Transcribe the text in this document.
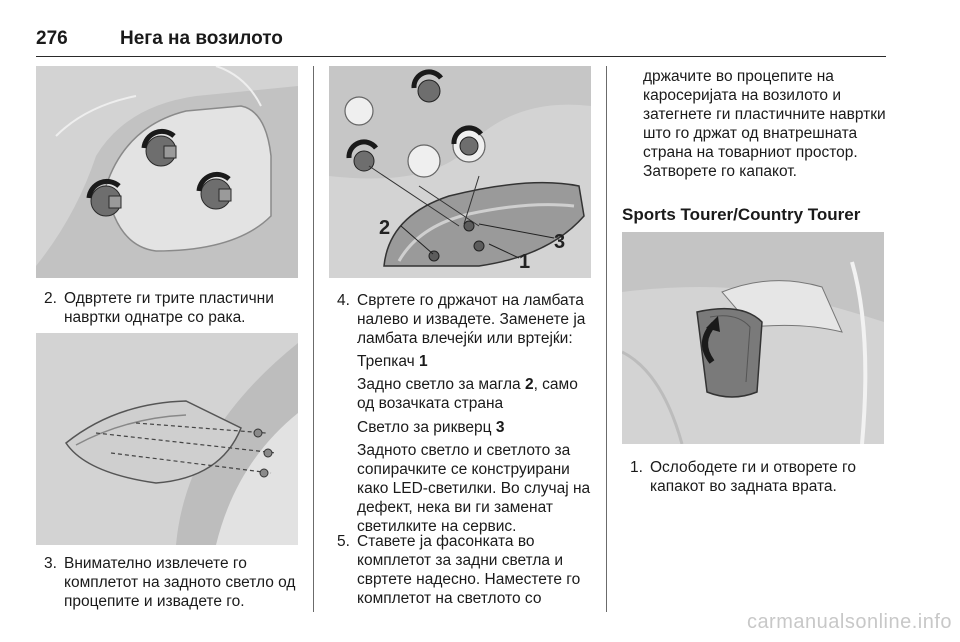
276	Нега на возилото
2. Одвртете ги трите пластични навртки однатре со рака.
3. Внимателно извлечете го комплетот на задното светло од процепите и извадете го.
2
3
1
4. Свртете го држачот на ламбата налево и извадете. Заменете ја ламбата влечејќи или вртејќи:
Трепкач 1
Задно светло за магла 2, само од возачката страна
Светло за рикверц 3
Задното светло и светлото за сопирачките се конструирани како LED-светилки. Во случај на дефект, нека ви ги заменат светилките на сервис.
5. Ставете ја фасонката во комплетот за задни светла и свртете надесно. Наместете го комплетот на светлото со
држачите во процепите на каросеријата на возилото и затегнете ги пластичните навртки што го држат од внатрешната страна на товарниот простор. Затворете го капакот.
Sports Tourer/Country Tourer
1. Ослободете ги и отворете го капакот во задната врата.
carmanualsonline.info
